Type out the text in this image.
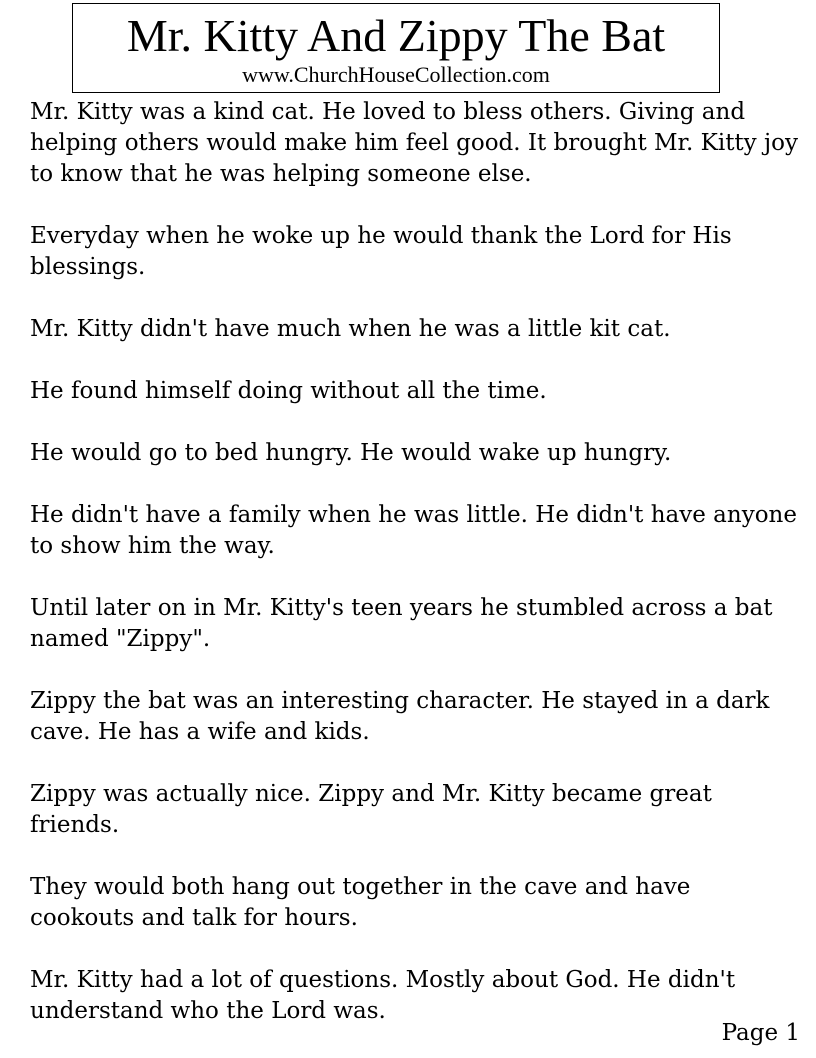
Mr. Kitty And Zippy The Bat
www.ChurchHouseCollection.com

Mr. Kitty was a kind cat. He loved to bless others. Giving and helping others would make him feel good. It brought Mr. Kitty joy to know that he was helping someone else.

Everyday when he woke up he would thank the Lord for His blessings.

Mr. Kitty didn't have much when he was a little kit cat.

He found himself doing without all the time.

He would go to bed hungry. He would wake up hungry.

He didn't have a family when he was little. He didn't have anyone to show him the way.

Until later on in Mr. Kitty's teen years he stumbled across a bat named "Zippy".

Zippy the bat was an interesting character. He stayed in a dark cave. He has a wife and kids.

Zippy was actually nice. Zippy and Mr. Kitty became great friends.

They would both hang out together in the cave and have cookouts and talk for hours.

Mr. Kitty had a lot of questions. Mostly about God. He didn't understand who the Lord was.

Page 1
